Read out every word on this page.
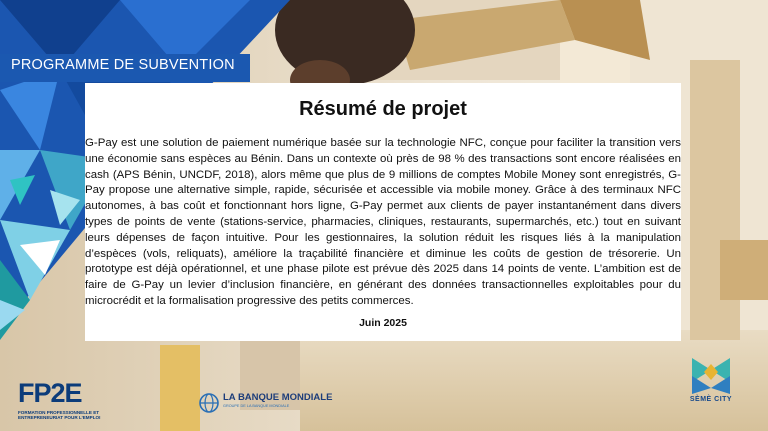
PROGRAMME DE SUBVENTION
Résumé de projet

G-Pay est une solution de paiement numérique basée sur la technologie NFC, conçue pour faciliter la transition vers une économie sans espèces au Bénin. Dans un contexte où près de 98 % des transactions sont encore réalisées en cash (APS Bénin, UNCDF, 2018), alors même que plus de 9 millions de comptes Mobile Money sont enregistrés, G-Pay propose une alternative simple, rapide, sécurisée et accessible via mobile money. Grâce à des terminaux NFC autonomes, à bas coût et fonctionnant hors ligne, G-Pay permet aux clients de payer instantanément dans divers types de points de vente (stations-service, pharmacies, cliniques, restaurants, supermarchés, etc.) tout en suivant leurs dépenses de façon intuitive. Pour les gestionnaires, la solution réduit les risques liés à la manipulation d’espèces (vols, reliquats), améliore la traçabilité financière et diminue les coûts de gestion de trésorerie. Un prototype est déjà opérationnel, et une phase pilote est prévue dès 2025 dans 14 points de vente. L’ambition est de faire de G-Pay un levier d’inclusion financière, en générant des données transactionnelles exploitables pour du microcrédit et la formalisation progressive des petits commerces.

Juin 2025
FP2E
FORMATION PROFESSIONNELLE ET ENTREPRENEURIAT POUR L’EMPLOI
LA BANQUE MONDIALE
GROUPE DE LA BANQUE MONDIALE
SÈMÈ CITY
